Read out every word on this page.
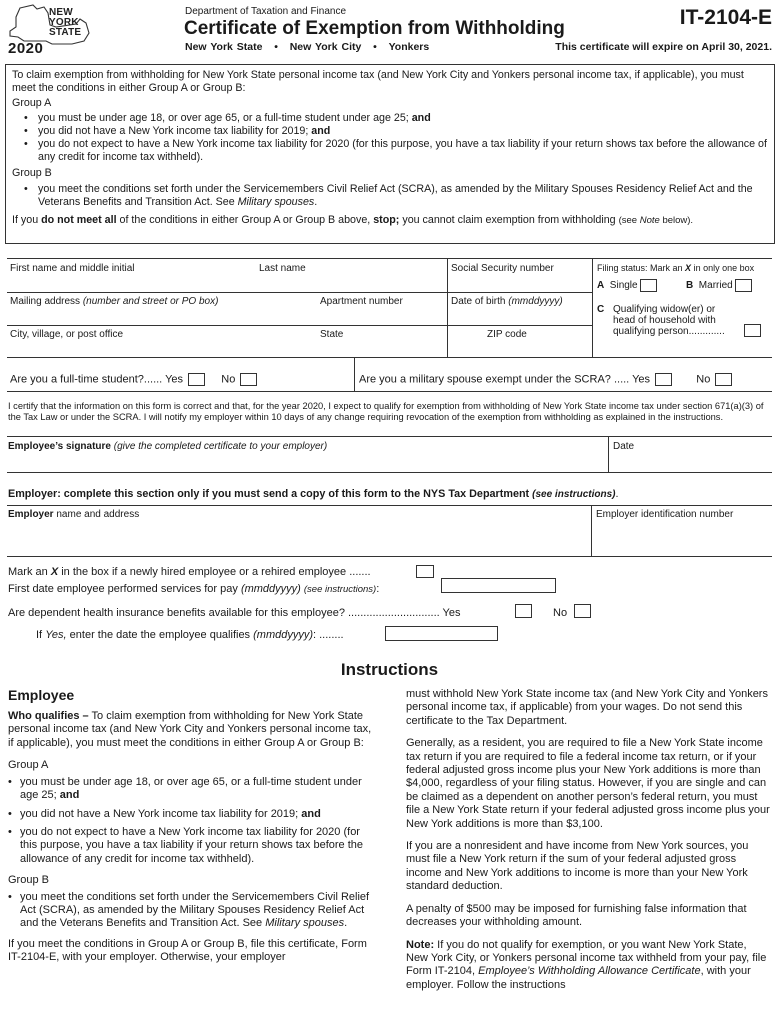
NEW
YORK
STATE
2020
Department of Taxation and Finance
Certificate of Exemption from Withholding
New York State • New York City • Yonkers
IT-2104-E
This certificate will expire on April 30, 2021.
To claim exemption from withholding for New York State personal income tax (and New York City and Yonkers personal income tax, if applicable), you must meet the conditions in either Group A or Group B:
Group A
• you must be under age 18, or over age 65, or a full-time student under age 25; and
• you did not have a New York income tax liability for 2019; and
• you do not expect to have a New York income tax liability for 2020 (for this purpose, you have a tax liability if your return shows tax before the allowance of any credit for income tax withheld).
Group B
• you meet the conditions set forth under the Servicemembers Civil Relief Act (SCRA), as amended by the Military Spouses Residency Relief Act and the Veterans Benefits and Transition Act. See Military spouses.
If you do not meet all of the conditions in either Group A or Group B above, stop; you cannot claim exemption from withholding (see Note below).
First name and middle initial	Last name	Social Security number
Mailing address (number and street or PO box)	Apartment number	Date of birth (mmddyyyy)
City, village, or post office	State	ZIP code
Filing status: Mark an X in only one box
A Single	B Married
C Qualifying widow(er) or
head of household with
qualifying person.............
Are you a full-time student?...... Yes	No	Are you a military spouse exempt under the SCRA? ..... Yes	No
I certify that the information on this form is correct and that, for the year 2020, I expect to qualify for exemption from withholding of New York State income tax under section 671(a)(3) of the Tax Law or under the SCRA. I will notify my employer within 10 days of any change requiring revocation of the exemption from withholding as explained in the instructions.
Employee’s signature (give the completed certificate to your employer)	Date
Employer: complete this section only if you must send a copy of this form to the NYS Tax Department (see instructions).
Employer name and address	Employer identification number
Mark an X in the box if a newly hired employee or a rehired employee .......
First date employee performed services for pay (mmddyyyy) (see instructions):
Are dependent health insurance benefits available for this employee? .............................. Yes	No
If Yes, enter the date the employee qualifies (mmddyyyy): ........
Instructions
Employee

Who qualifies – To claim exemption from withholding for New York State personal income tax (and New York City and Yonkers personal income tax, if applicable), you must meet the conditions in either Group A or Group B:

Group A
• you must be under age 18, or over age 65, or a full-time student under age 25; and
• you did not have a New York income tax liability for 2019; and
• you do not expect to have a New York income tax liability for 2020 (for this purpose, you have a tax liability if your return shows tax before the allowance of any credit for income tax withheld).
Group B
• you meet the conditions set forth under the Servicemembers Civil Relief Act (SCRA), as amended by the Military Spouses Residency Relief Act and the Veterans Benefits and Transition Act. See Military spouses.

If you meet the conditions in Group A or Group B, file this certificate, Form IT-2104-E, with your employer. Otherwise, your employer

must withhold New York State income tax (and New York City and Yonkers personal income tax, if applicable) from your wages. Do not send this certificate to the Tax Department.

Generally, as a resident, you are required to file a New York State income tax return if you are required to file a federal income tax return, or if your federal adjusted gross income plus your New York additions is more than $4,000, regardless of your filing status. However, if you are single and can be claimed as a dependent on another person’s federal return, you must file a New York State return if your federal adjusted gross income plus your New York additions is more than $3,100.

If you are a nonresident and have income from New York sources, you must file a New York return if the sum of your federal adjusted gross income and New York additions to income is more than your New York standard deduction.

A penalty of $500 may be imposed for furnishing false information that decreases your withholding amount.

Note: If you do not qualify for exemption, or you want New York State, New York City, or Yonkers personal income tax withheld from your pay, file Form IT-2104, Employee’s Withholding Allowance Certificate, with your employer. Follow the instructions
